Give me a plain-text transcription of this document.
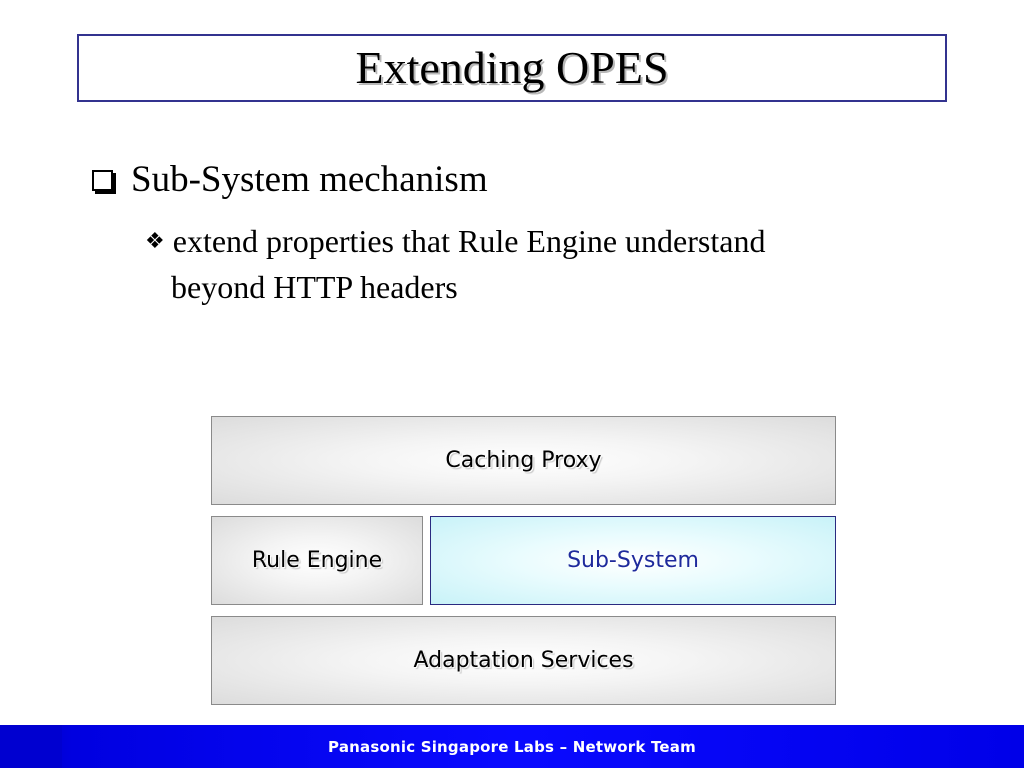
Extending OPES
Sub-System mechanism
❖ extend properties that Rule Engine understand
beyond HTTP headers
Caching Proxy
Rule Engine	Sub-System
Adaptation Services
Panasonic Singapore Labs – Network Team
